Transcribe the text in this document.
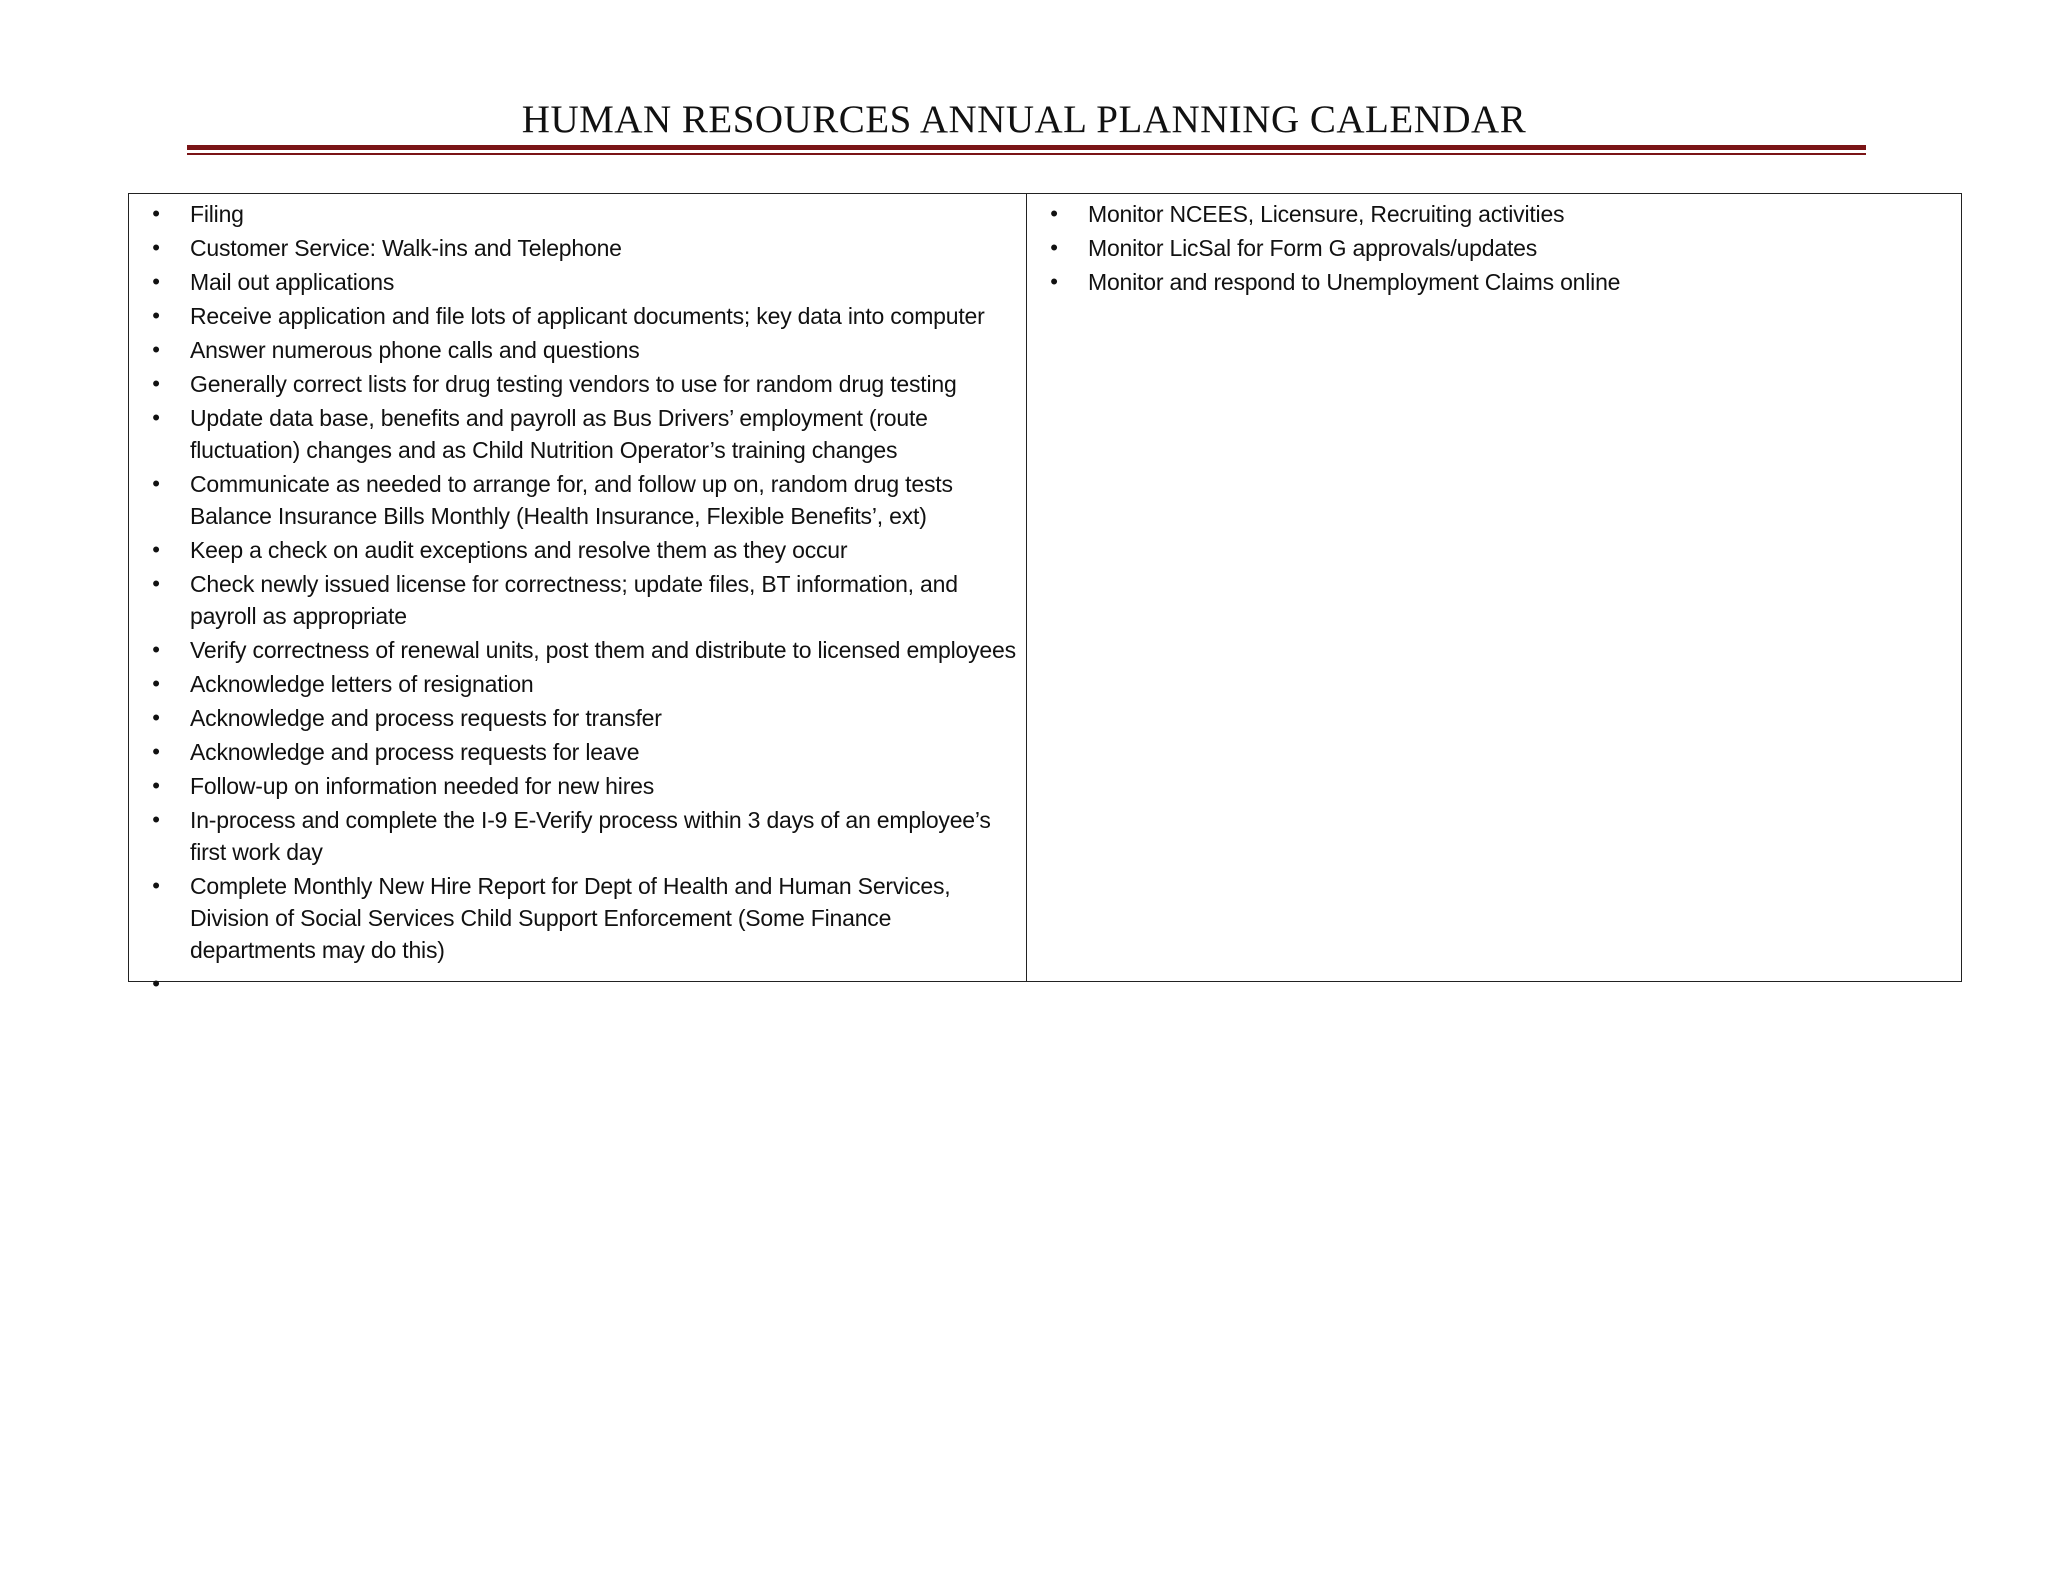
HUMAN RESOURCES ANNUAL PLANNING CALENDAR
• Filing
• Customer Service: Walk-ins and Telephone
• Mail out applications
• Receive application and file lots of applicant documents; key data into computer
• Answer numerous phone calls and questions
• Generally correct lists for drug testing vendors to use for random drug testing
• Update data base, benefits and payroll as Bus Drivers’ employment (route fluctuation) changes and as Child Nutrition Operator’s training changes
• Communicate as needed to arrange for, and follow up on, random drug tests Balance Insurance Bills Monthly (Health Insurance, Flexible Benefits’, ext)
• Keep a check on audit exceptions and resolve them as they occur
• Check newly issued license for correctness; update files, BT information, and payroll as appropriate
• Verify correctness of renewal units, post them and distribute to licensed employees
• Acknowledge letters of resignation
• Acknowledge and process requests for transfer
• Acknowledge and process requests for leave
• Follow-up on information needed for new hires
• In-process and complete the I-9 E-Verify process within 3 days of an employee’s first work day
• Complete Monthly New Hire Report for Dept of Health and Human Services, Division of Social Services Child Support Enforcement (Some Finance departments may do this)
•
• Monitor NCEES, Licensure, Recruiting activities
• Monitor LicSal for Form G approvals/updates
• Monitor and respond to Unemployment Claims online
